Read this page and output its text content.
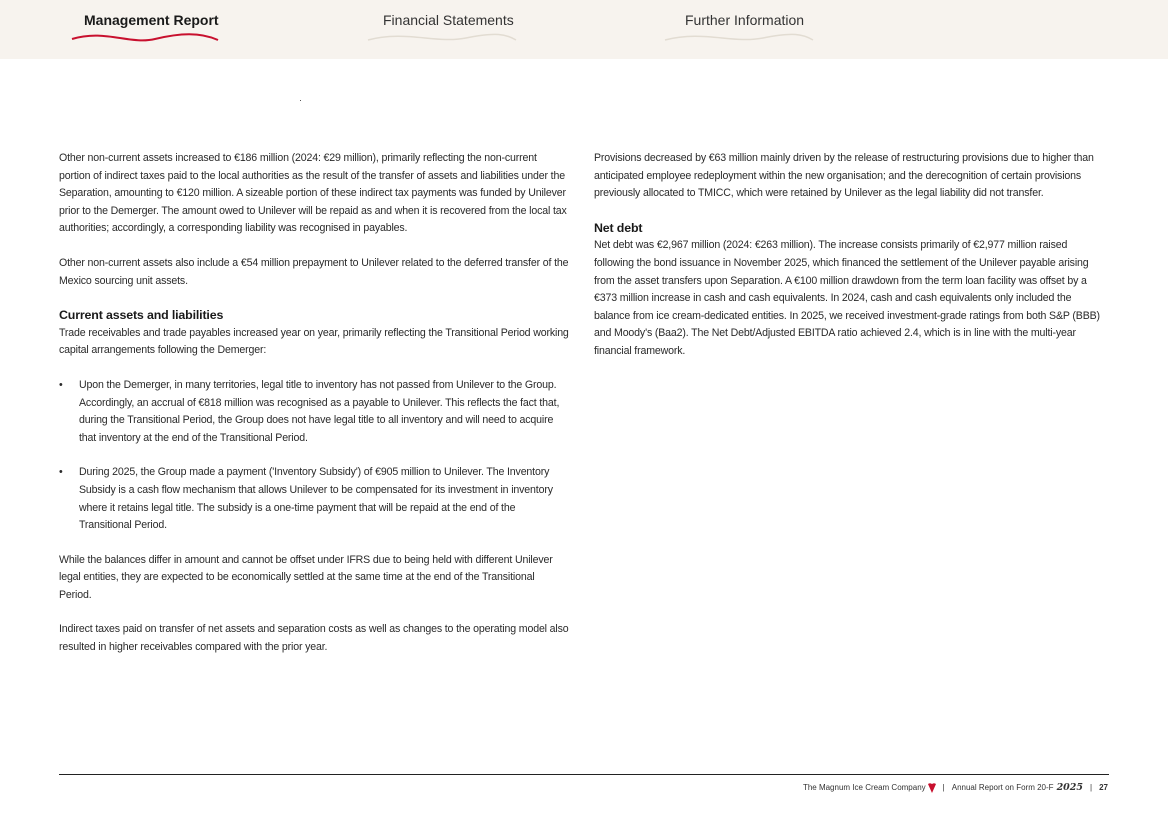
Management Report	Financial Statements	Further Information

Other non-current assets increased to €186 million (2024: €29 million), primarily reflecting the non-current portion of indirect taxes paid to the local authorities as the result of the transfer of assets and liabilities under the Separation, amounting to €120 million. A sizeable portion of these indirect tax payments was funded by Unilever prior to the Demerger. The amount owed to Unilever will be repaid as and when it is recovered from the local tax authorities; accordingly, a corresponding liability was recognised in payables.

Other non-current assets also include a €54 million prepayment to Unilever related to the deferred transfer of the Mexico sourcing unit assets.

Current assets and liabilities

Trade receivables and trade payables increased year on year, primarily reflecting the Transitional Period working capital arrangements following the Demerger:

• Upon the Demerger, in many territories, legal title to inventory has not passed from Unilever to the Group. Accordingly, an accrual of €818 million was recognised as a payable to Unilever. This reflects the fact that, during the Transitional Period, the Group does not have legal title to all inventory and will need to acquire that inventory at the end of the Transitional Period.
• During 2025, the Group made a payment ('Inventory Subsidy') of €905 million to Unilever. The Inventory Subsidy is a cash flow mechanism that allows Unilever to be compensated for its investment in inventory where it retains legal title. The subsidy is a one-time payment that will be repaid at the end of the Transitional Period.

While the balances differ in amount and cannot be offset under IFRS due to being held with different Unilever legal entities, they are expected to be economically settled at the same time at the end of the Transitional Period.

Indirect taxes paid on transfer of net assets and separation costs as well as changes to the operating model also resulted in higher receivables compared with the prior year.

Provisions decreased by €63 million mainly driven by the release of restructuring provisions due to higher than anticipated employee redeployment within the new organisation; and the derecognition of certain provisions previously allocated to TMICC, which were retained by Unilever as the legal liability did not transfer.

Net debt

Net debt was €2,967 million (2024: €263 million). The increase consists primarily of €2,977 million raised following the bond issuance in November 2025, which financed the settlement of the Unilever payable arising from the asset transfers upon Separation. A €100 million drawdown from the term loan facility was offset by a €373 million increase in cash and cash equivalents. In 2024, cash and cash equivalents only included the balance from ice cream-dedicated entities. In 2025, we received investment-grade ratings from both S&P (BBB) and Moody's (Baa2). The Net Debt/Adjusted EBITDA ratio achieved 2.4, which is in line with the multi-year financial framework.

The Magnum Ice Cream Company | Annual Report on Form 20-F 2025 | 27
